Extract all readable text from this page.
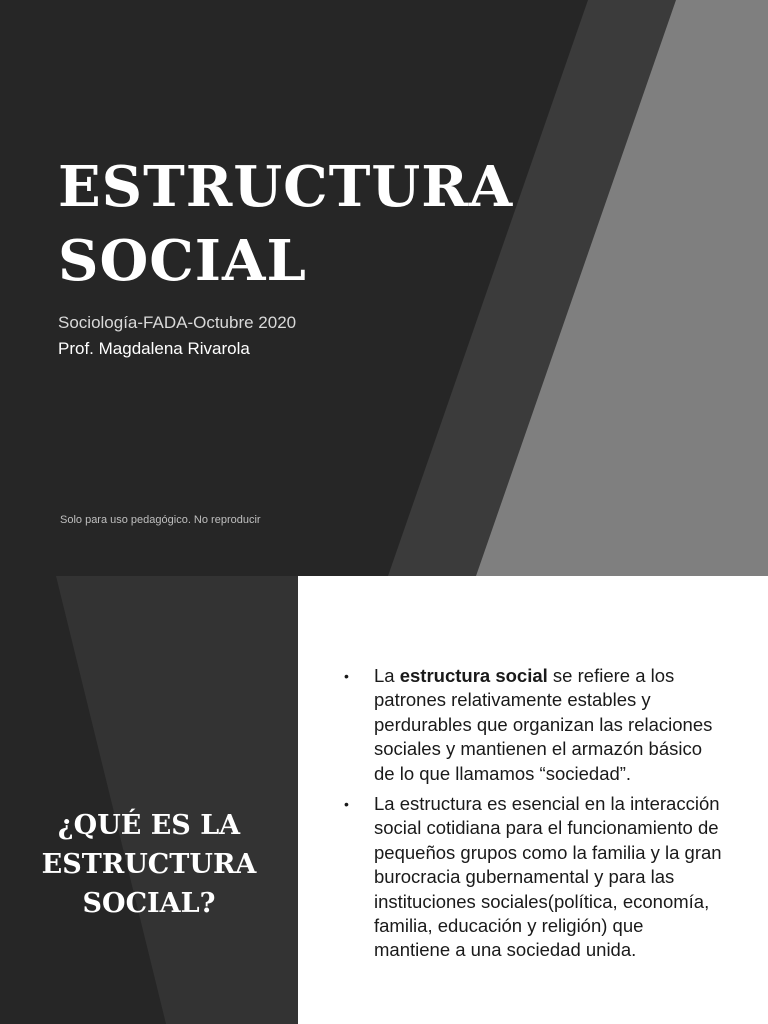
ESTRUCTURA
SOCIAL
Sociología-FADA-Octubre 2020
Prof. Magdalena Rivarola
Solo para uso pedagógico. No reproducir
¿QUÉ ES LA
ESTRUCTURA
SOCIAL?
• La estructura social se refiere a los patrones relativamente estables y perdurables que organizan las relaciones sociales y mantienen el armazón básico de lo que llamamos “sociedad”.
• La estructura es esencial en la interacción social cotidiana para el funcionamiento de pequeños grupos como la familia y la gran burocracia gubernamental y para las instituciones sociales(política, economía, familia, educación y religión) que mantiene a una sociedad unida.
